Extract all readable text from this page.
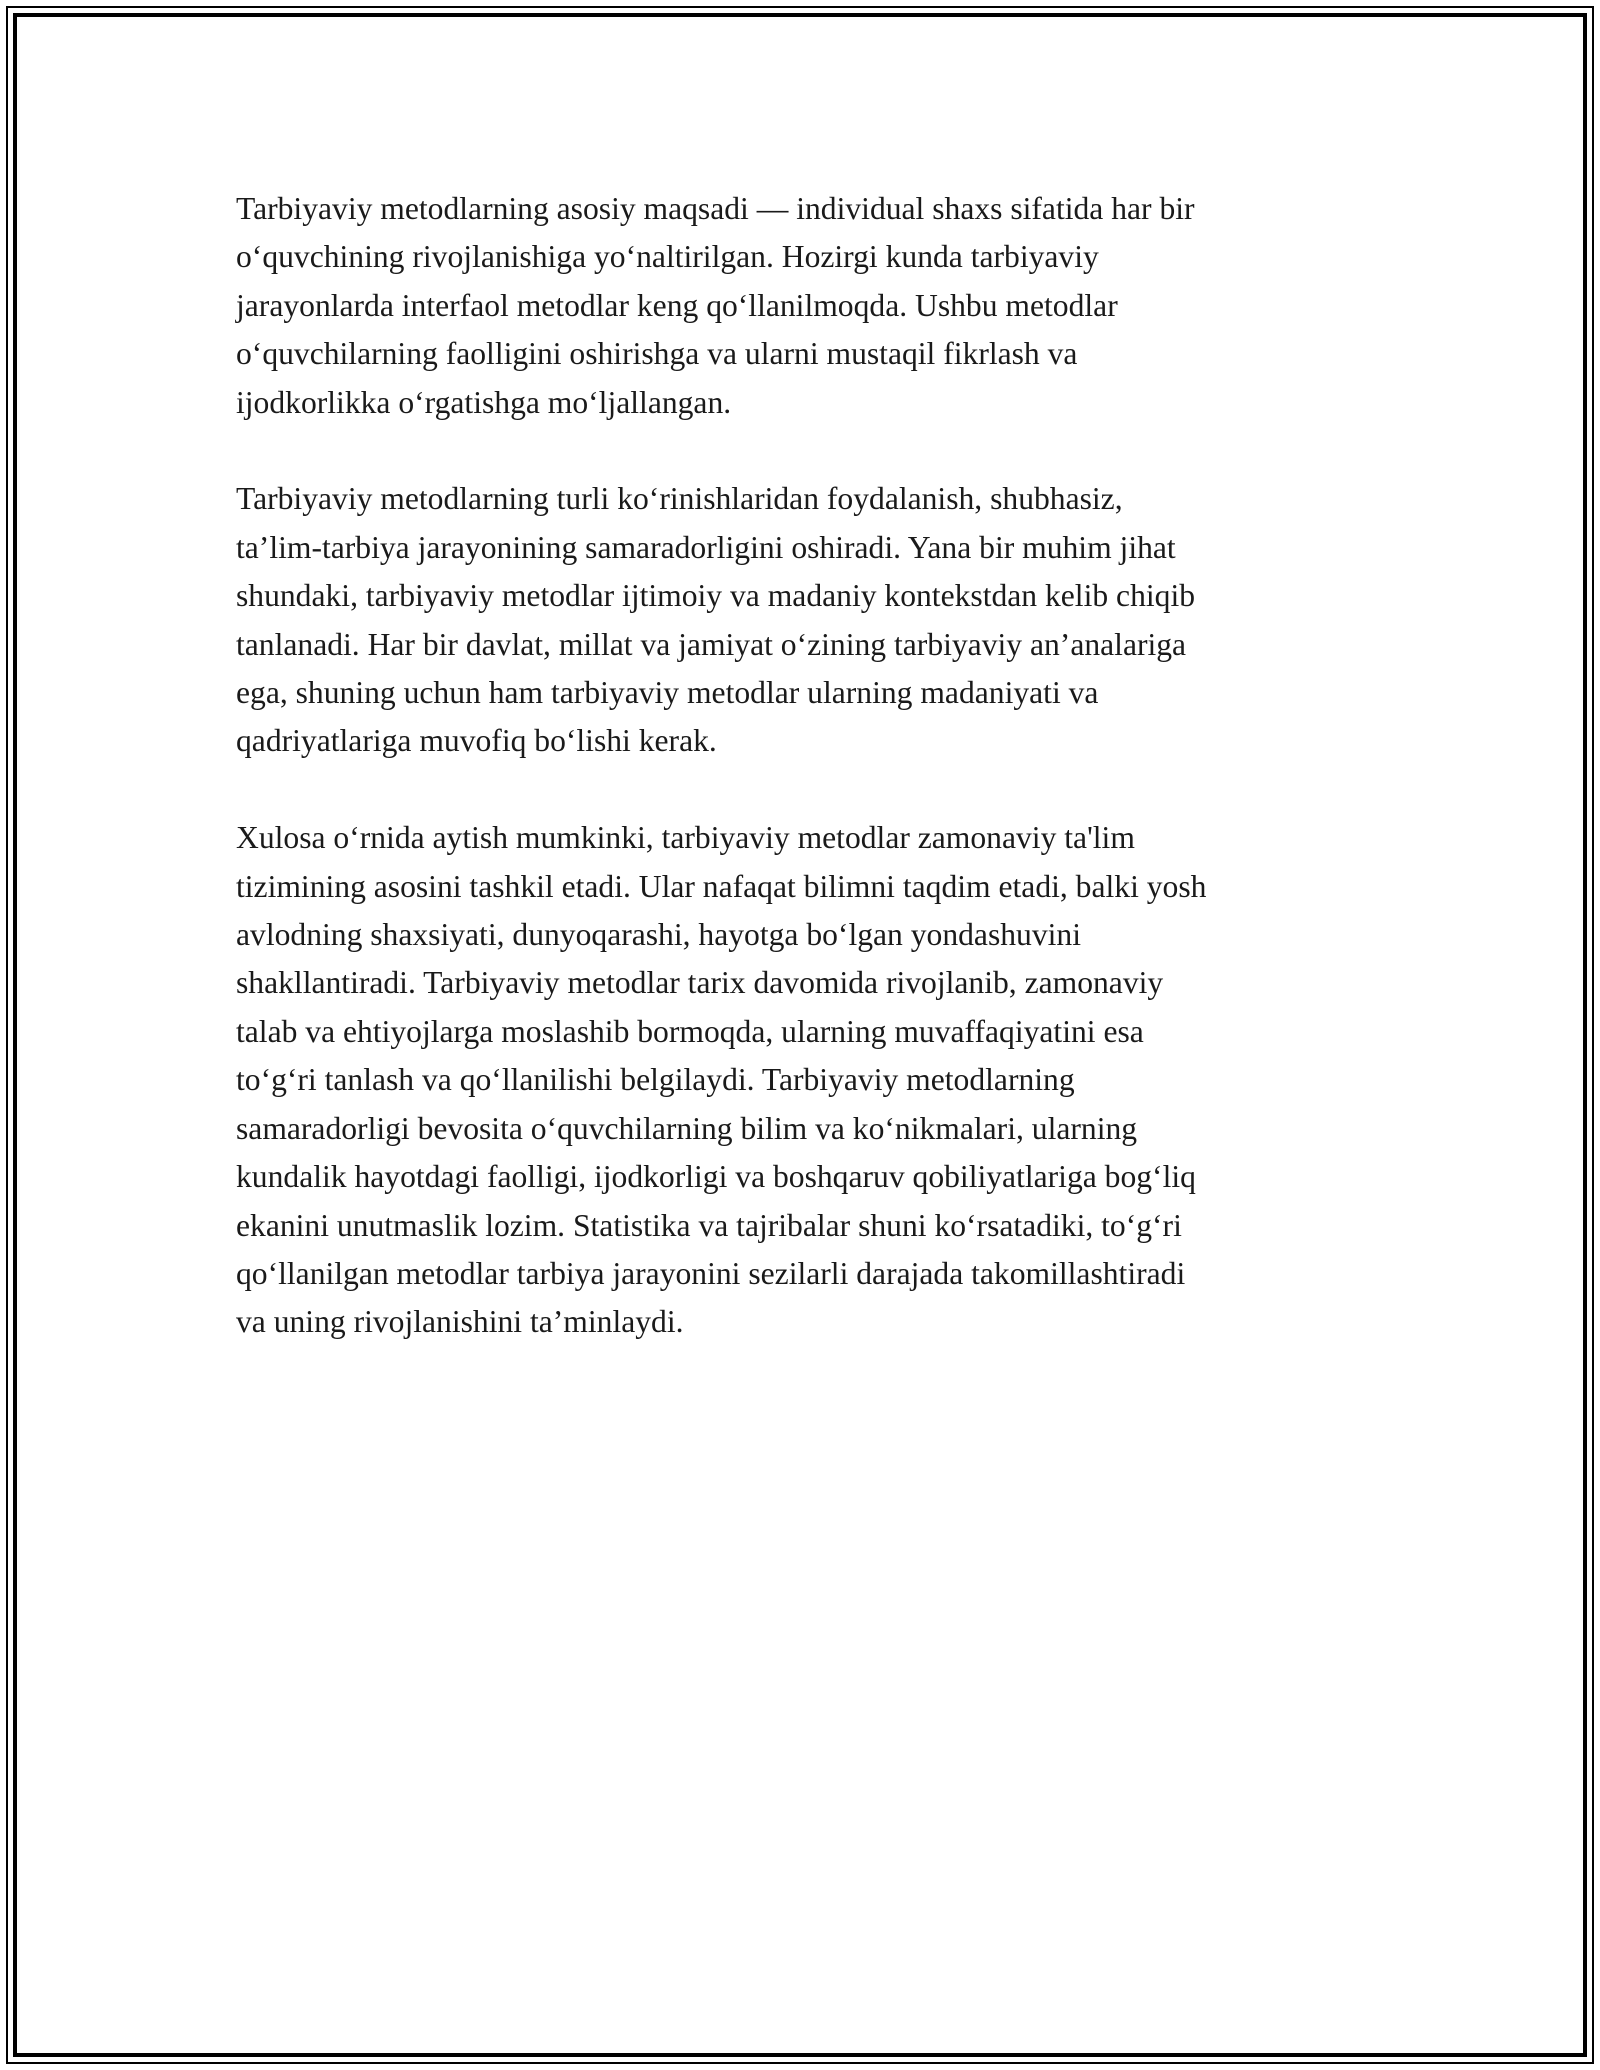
Tarbiyaviy metodlarning asosiy maqsadi — individual shaxs sifatida har bir
o‘quvchining rivojlanishiga yo‘naltirilgan. Hozirgi kunda tarbiyaviy
jarayonlarda interfaol metodlar keng qo‘llanilmoqda. Ushbu metodlar
o‘quvchilarning faolligini oshirishga va ularni mustaqil fikrlash va
ijodkorlikka o‘rgatishga mo‘ljallangan.

Tarbiyaviy metodlarning turli ko‘rinishlaridan foydalanish, shubhasiz,
ta’lim-tarbiya jarayonining samaradorligini oshiradi. Yana bir muhim jihat
shundaki, tarbiyaviy metodlar ijtimoiy va madaniy kontekstdan kelib chiqib
tanlanadi. Har bir davlat, millat va jamiyat o‘zining tarbiyaviy an’analariga
ega, shuning uchun ham tarbiyaviy metodlar ularning madaniyati va
qadriyatlariga muvofiq bo‘lishi kerak.

Xulosa o‘rnida aytish mumkinki, tarbiyaviy metodlar zamonaviy ta'lim
tizimining asosini tashkil etadi. Ular nafaqat bilimni taqdim etadi, balki yosh
avlodning shaxsiyati, dunyoqarashi, hayotga bo‘lgan yondashuvini
shakllantiradi. Tarbiyaviy metodlar tarix davomida rivojlanib, zamonaviy
talab va ehtiyojlarga moslashib bormoqda, ularning muvaffaqiyatini esa
to‘g‘ri tanlash va qo‘llanilishi belgilaydi. Tarbiyaviy metodlarning
samaradorligi bevosita o‘quvchilarning bilim va ko‘nikmalari, ularning
kundalik hayotdagi faolligi, ijodkorligi va boshqaruv qobiliyatlariga bog‘liq
ekanini unutmaslik lozim. Statistika va tajribalar shuni ko‘rsatadiki, to‘g‘ri
qo‘llanilgan metodlar tarbiya jarayonini sezilarli darajada takomillashtiradi
va uning rivojlanishini ta’minlaydi.
